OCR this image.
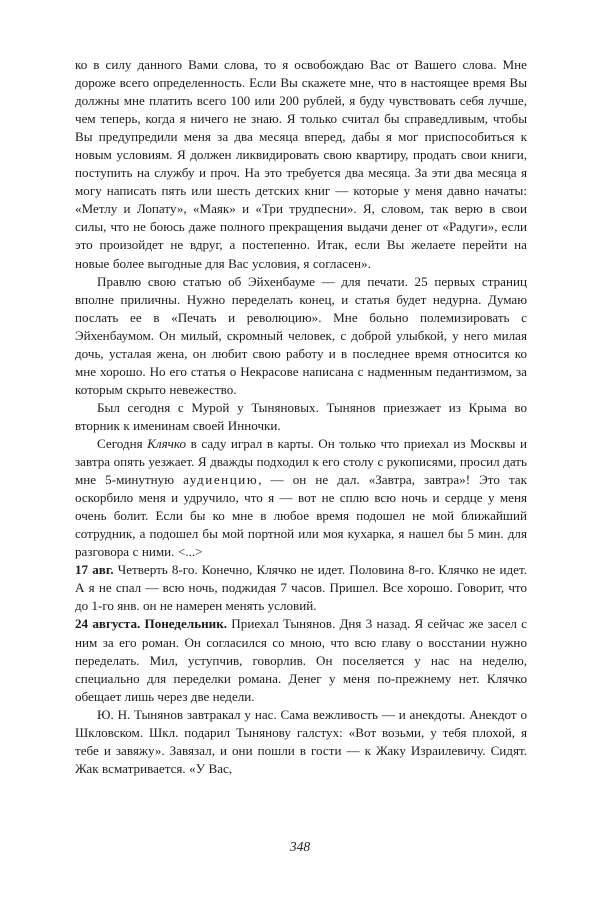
ко в силу данного Вами слова, то я освобождаю Вас от Вашего слова. Мне дороже всего определенность. Если Вы скажете мне, что в настоящее время Вы должны мне платить всего 100 или 200 рублей, я буду чувствовать себя лучше, чем теперь, когда я ничего не знаю. Я только считал бы справедливым, чтобы Вы предупредили меня за два месяца вперед, дабы я мог приспособиться к новым условиям. Я должен ликвидировать свою квартиру, продать свои книги, поступить на службу и проч. На это требуется два месяца. За эти два месяца я могу написать пять или шесть детских книг — которые у меня давно начаты: «Метлу и Лопату», «Маяк» и «Три трудпесни». Я, словом, так верю в свои силы, что не боюсь даже полного прекращения выдачи денег от «Радуги», если это произойдет не вдруг, а постепенно. Итак, если Вы желаете перейти на новые более выгодные для Вас условия, я согласен».

Правлю свою статью об Эйхенбауме — для печати. 25 первых страниц вполне приличны. Нужно переделать конец, и статья будет недурна. Думаю послать ее в «Печать и революцию». Мне больно полемизировать с Эйхенбаумом. Он милый, скромный человек, с доброй улыбкой, у него милая дочь, усталая жена, он любит свою работу и в последнее время относится ко мне хорошо. Но его статья о Некрасове написана с надменным педантизмом, за которым скрыто невежество.

Был сегодня с Мурой у Тыняновых. Тынянов приезжает из Крыма во вторник к именинам своей Инночки.

Сегодня Клячко в саду играл в карты. Он только что приехал из Москвы и завтра опять уезжает. Я дважды подходил к его столу с рукописями, просил дать мне 5-минутную аудиенцию, — он не дал. «Завтра, завтра»! Это так оскорбило меня и удручило, что я — вот не сплю всю ночь и сердце у меня очень болит. Если бы ко мне в любое время подошел не мой ближайший сотрудник, а подошел бы мой портной или моя кухарка, я нашел бы 5 мин. для разговора с ними. <...>

17 авг. Четверть 8-го. Конечно, Клячко не идет. Половина 8-го. Клячко не идет. А я не спал — всю ночь, поджидая 7 часов. Пришел. Все хорошо. Говорит, что до 1-го янв. он не намерен менять условий.

24 августа. Понедельник. Приехал Тынянов. Дня 3 назад. Я сейчас же засел с ним за его роман. Он согласился со мною, что всю главу о восстании нужно переделать. Мил, уступчив, говорлив. Он поселяется у нас на неделю, специально для переделки романа. Денег у меня по-прежнему нет. Клячко обещает лишь через две недели.

Ю. Н. Тынянов завтракал у нас. Сама вежливость — и анекдоты. Анекдот о Шкловском. Шкл. подарил Тынянову галстух: «Вот возьми, у тебя плохой, я тебе и завяжу». Завязал, и они пошли в гости — к Жаку Израилевичу. Сидят. Жак всматривается. «У Вас,

348
